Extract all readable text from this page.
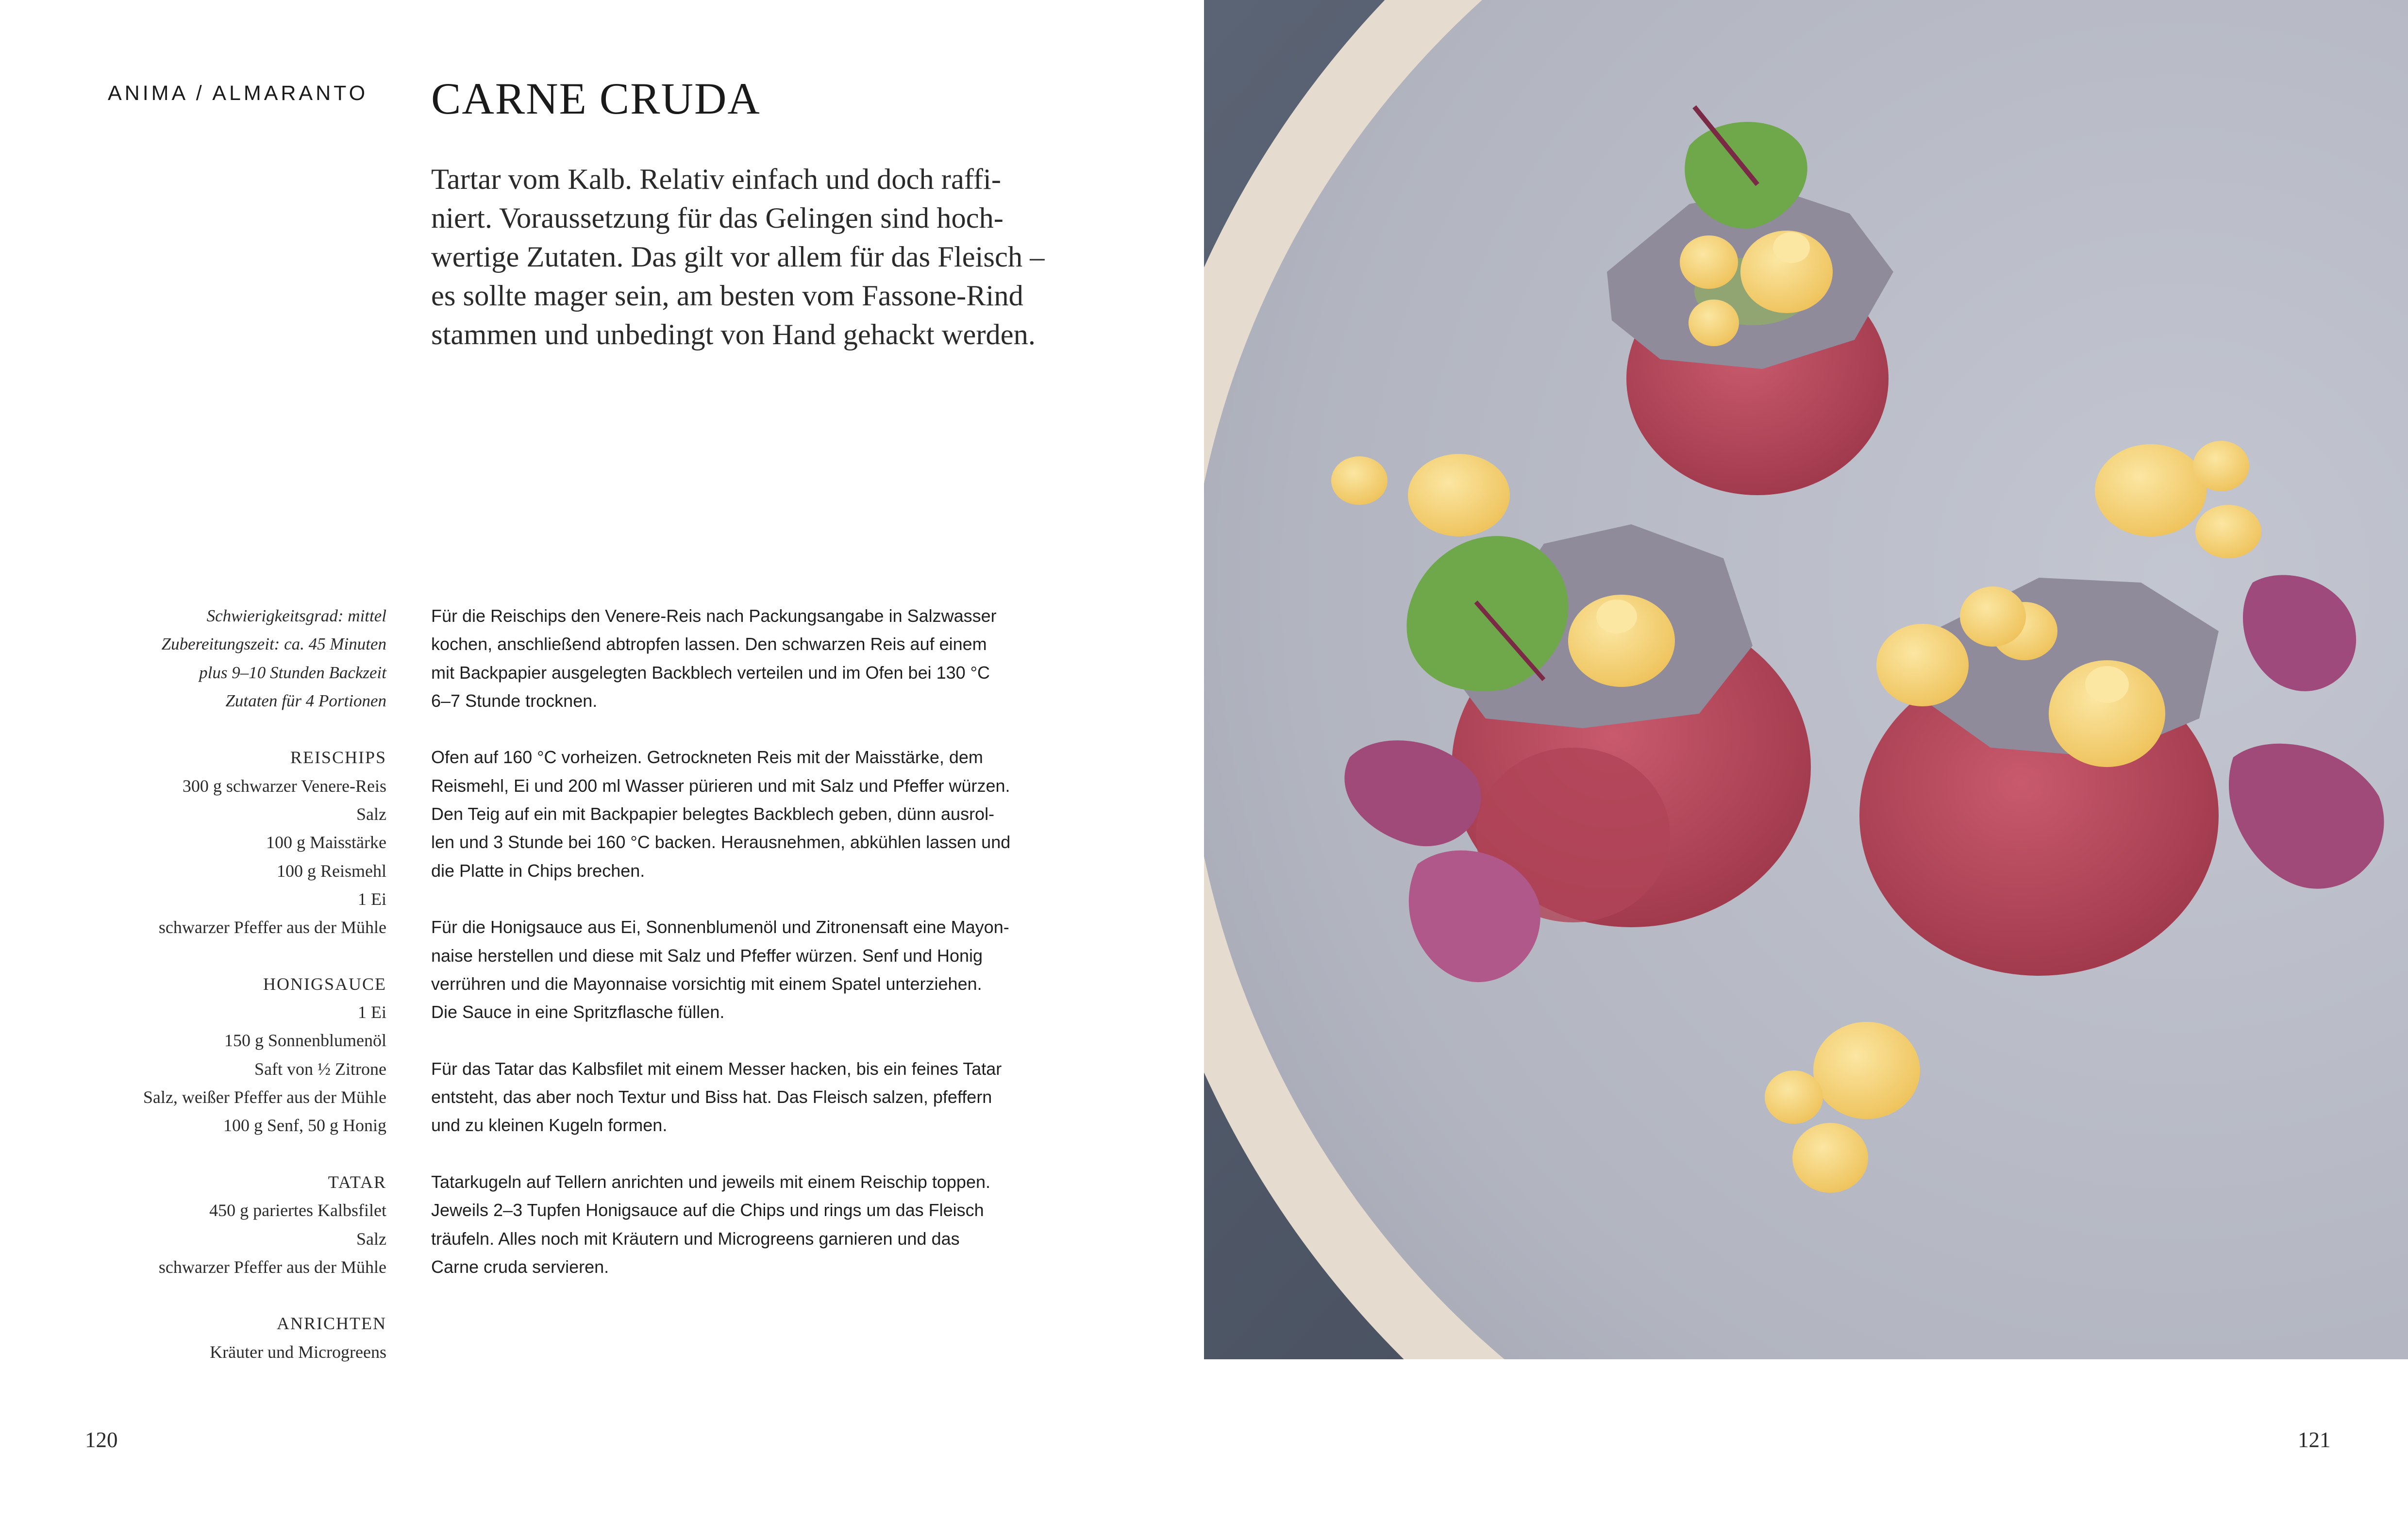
ANIMA / ALMARANTO CARNE CRUDA
Tartar vom Kalb. Relativ einfach und doch raffi-
niert. Voraussetzung für das Gelingen sind hoch-
wertige Zutaten. Das gilt vor allem für das Fleisch –
es sollte mager sein, am besten vom Fassone-Rind
stammen und unbedingt von Hand gehackt werden.
Schwierigkeitsgrad: mittel
Zubereitungszeit: ca. 45 Minuten
plus 9–10 Stunden Backzeit
Zutaten für 4 Portionen
REISCHIPS
300 g schwarzer Venere-Reis
Salz
100 g Maisstärke
100 g Reismehl
1 Ei
schwarzer Pfeffer aus der Mühle
HONIGSAUCE
1 Ei
150 g Sonnenblumenöl
Saft von ½ Zitrone
Salz, weißer Pfeffer aus der Mühle
100 g Senf, 50 g Honig
TATAR
450 g pariertes Kalbsfilet
Salz
schwarzer Pfeffer aus der Mühle
ANRICHTEN
Kräuter und Microgreens
Für die Reischips den Venere-Reis nach Packungsangabe in Salzwasser
kochen, anschließend abtropfen lassen. Den schwarzen Reis auf einem
mit Backpapier ausgelegten Backblech verteilen und im Ofen bei 130 °C
6–7 Stunde trocknen.
Ofen auf 160 °C vorheizen. Getrockneten Reis mit der Maisstärke, dem
Reismehl, Ei und 200 ml Wasser pürieren und mit Salz und Pfeffer würzen.
Den Teig auf ein mit Backpapier belegtes Backblech geben, dünn ausrol-
len und 3 Stunde bei 160 °C backen. Herausnehmen, abkühlen lassen und
die Platte in Chips brechen.
Für die Honigsauce aus Ei, Sonnenblumenöl und Zitronensaft eine Mayon-
naise herstellen und diese mit Salz und Pfeffer würzen. Senf und Honig
verrühren und die Mayonnaise vorsichtig mit einem Spatel unterziehen.
Die Sauce in eine Spritzflasche füllen.
Für das Tatar das Kalbsfilet mit einem Messer hacken, bis ein feines Tatar
entsteht, das aber noch Textur und Biss hat. Das Fleisch salzen, pfeffern
und zu kleinen Kugeln formen.
Tatarkugeln auf Tellern anrichten und jeweils mit einem Reischip toppen.
Jeweils 2–3 Tupfen Honigsauce auf die Chips und rings um das Fleisch
träufeln. Alles noch mit Kräutern und Microgreens garnieren und das
Carne cruda servieren.
120	121
